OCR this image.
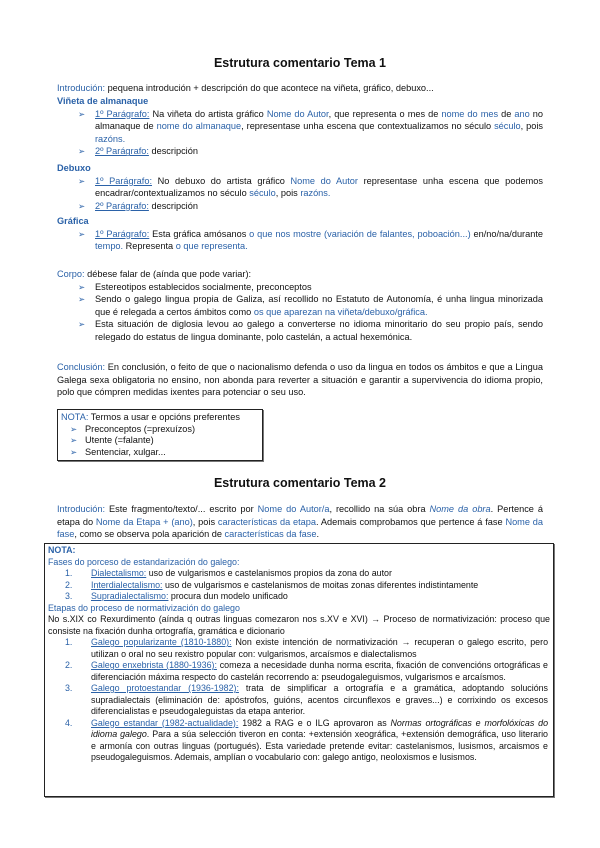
Estrutura comentario Tema 1
Introdución: pequena introdución + descripción do que acontece na viñeta, gráfico, debuxo...
Viñeta de almanaque
➢ 1º Parágrafo: Na viñeta do artista gráfico Nome do Autor, que representa o mes de nome do mes de ano no almanaque de nome do almanaque, representase unha escena que contextualizamos no século século, pois razóns.
➢ 2º Parágrafo: descripción
Debuxo
➢ 1º Parágrafo: No debuxo do artista gráfico Nome do Autor representase unha escena que podemos encadrar/contextualizamos no século século, pois razóns.
➢ 2º Parágrafo: descripción
Gráfica
➢ 1º Parágrafo: Esta gráfica amósanos o que nos mostre (variación de falantes, poboación...) en/no/na/durante tempo. Representa o que representa.
Corpo: débese falar de (aínda que pode variar):
➢ Estereotipos establecidos socialmente, preconceptos
➢ Sendo o galego lingua propia de Galiza, así recollido no Estatuto de Autonomía, é unha lingua minorizada que é relegada a certos ámbitos como os que aparezan na viñeta/debuxo/gráfica.
➢ Esta situación de diglosia levou ao galego a converterse no idioma minoritario do seu propio país, sendo relegado do estatus de lingua dominante, polo castelán, a actual hexemónica.
Conclusión: En conclusión, o feito de que o nacionalismo defenda o uso da lingua en todos os ámbitos e que a Lingua Galega sexa obligatoria no ensino, non abonda para reverter a situación e garantir a supervivencia do idioma propio, polo que cómpren medidas ixentes para potenciar o seu uso.
NOTA: Termos a usar e opcións preferentes
➢ Preconceptos (=prexuízos)
➢ Utente (=falante)
➢ Sentenciar, xulgar...
Estrutura comentario Tema 2
Introdución: Este fragmento/texto/... escrito por Nome do Autor/a, recollido na súa obra Nome da obra. Pertence á etapa do Nome da Etapa + (ano), pois características da etapa. Ademais comprobamos que pertence á fase Nome da fase, como se observa pola aparición de características da fase.
NOTA:
Fases do porceso de estandarización do galego:
1. Dialectalismo: uso de vulgarismos e castelanismos propios da zona do autor
2. Interdialectalismo: uso de vulgarismos e castelanismos de moitas zonas diferentes indistintamente
3. Supradialectalismo: procura dun modelo unificado
Etapas do proceso de normativización do galego
No s.XIX co Rexurdimento (aínda q outras linguas comezaron nos s.XV e XVI) → Proceso de normativización: proceso que consiste na fixación dunha ortografía, gramática e dicionario
1. Galego popularizante (1810-1880): Non existe intención de normativización → recuperan o galego escrito, pero utilizan o oral no seu rexistro popular con: vulgarismos, arcaísmos e dialectalismos
2. Galego enxebrista (1880-1936): comeza a necesidade dunha norma escrita, fixación de convencións ortográficas e diferenciación máxima respecto do castelán recorrendo a: pseudogaleguismos, vulgarismos e arcaísmos.
3. Galego protoestandar (1936-1982): trata de simplificar a ortografía e a gramática, adoptando solucións supradialectais (eliminación de: apóstrofos, guións, acentos circunflexos e graves...) e corrixindo os excesos diferencialistas e pseudogaleguistas da etapa anterior.
4. Galego estandar (1982-actualidade): 1982 a RAG e o ILG aprovaron as Normas ortográficas e morfolóxicas do idioma galego. Para a súa selección tiveron en conta: +extensión xeográfica, +extensión demográfica, uso literario e armonía con outras linguas (portugués). Esta variedade pretende evitar: castelanismos, lusismos, arcaismos e pseudogaleguismos. Ademais, amplían o vocabulario con: galego antigo, neoloxismos e lusismos.
